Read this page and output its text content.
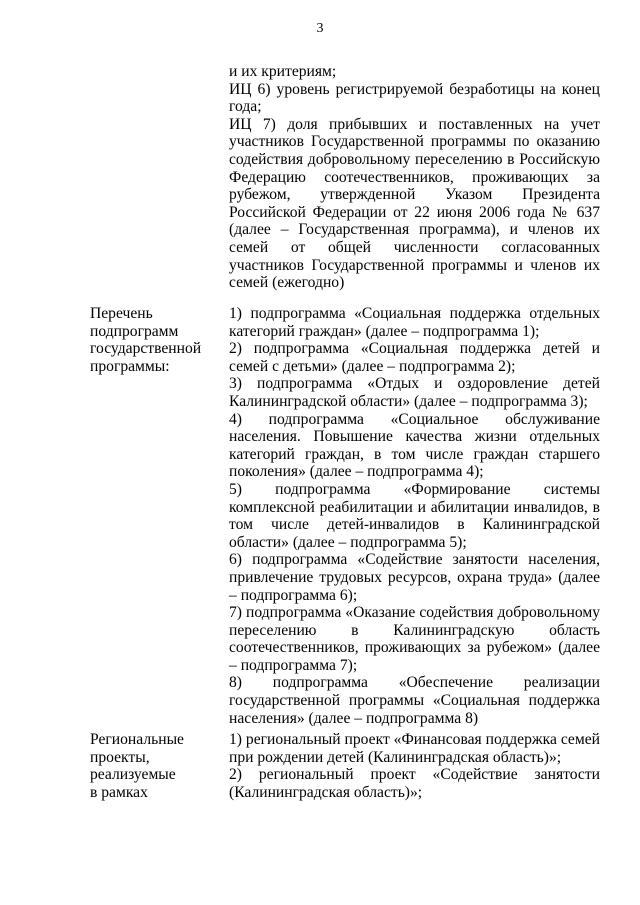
3

и их критериям;

ИЦ 6) уровень регистрируемой безработицы на конец года;

ИЦ 7) доля прибывших и поставленных на учет участников Государственной программы по оказанию содействия добровольному переселению в Российскую Федерацию соотечественников, проживающих за рубежом, утвержденной Указом Президента Российской Федерации от 22 июня 2006 года № 637 (далее – Государственная программа), и членов их семей от общей численности согласованных участников Государственной программы и членов их семей (ежегодно)

Перечень
подпрограмм
государственной
программы:

1) подпрограмма «Социальная поддержка отдельных категорий граждан» (далее – подпрограмма 1);

2) подпрограмма «Социальная поддержка детей и семей с детьми» (далее – подпрограмма 2);

3) подпрограмма «Отдых и оздоровление детей Калининградской области» (далее – подпрограмма 3);

4) подпрограмма «Социальное обслуживание населения. Повышение качества жизни отдельных категорий граждан, в том числе граждан старшего поколения» (далее – подпрограмма 4);

5) подпрограмма «Формирование системы комплексной реабилитации и абилитации инвалидов, в том числе детей-инвалидов в Калининградской области» (далее – подпрограмма 5);

6) подпрограмма «Содействие занятости населения, привлечение трудовых ресурсов, охрана труда» (далее – подпрограмма 6);

7) подпрограмма «Оказание содействия добровольному переселению в Калининградскую область соотечественников, проживающих за рубежом» (далее – подпрограмма 7);

8) подпрограмма «Обеспечение реализации государственной программы «Социальная поддержка населения» (далее – подпрограмма 8)

Региональные
проекты,
реализуемые
в рамках

1) региональный проект «Финансовая поддержка семей при рождении детей (Калининградская область)»;

2) региональный проект «Содействие занятости (Калининградская область)»;
